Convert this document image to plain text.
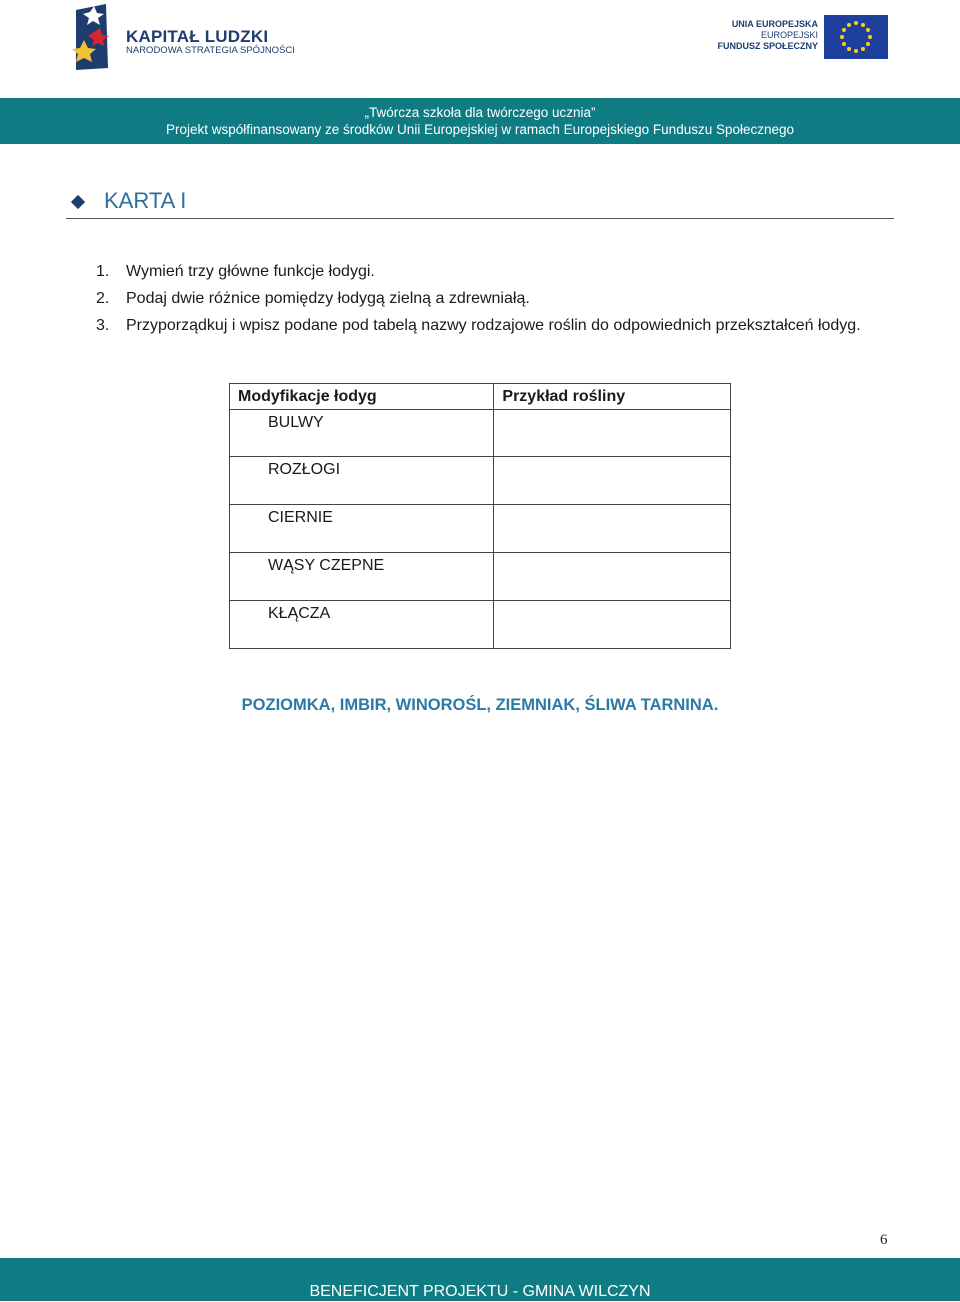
KAPITAŁ LUDZKI
NARODOWA STRATEGIA SPÓJNOŚCI
UNIA EUROPEJSKA
EUROPEJSKI
FUNDUSZ SPOŁECZNY
„Twórcza szkoła dla twórczego ucznia”
Projekt współfinansowany ze środków Unii Europejskiej w ramach Europejskiego Funduszu Społecznego
KARTA I
1. Wymień trzy główne funkcje łodygi.
2. Podaj dwie różnice pomiędzy łodygą zielną a zdrewniałą.
3. Przyporządkuj i wpisz podane pod tabelą nazwy rodzajowe roślin do odpowiednich przekształceń łodyg.
Modyfikacje łodyg	Przykład rośliny
BULWY	
ROZŁOGI	
CIERNIE	
WĄSY CZEPNE	
KŁĄCZA	
POZIOMKA, IMBIR, WINOROŚL, ZIEMNIAK, ŚLIWA TARNINA.
6
BENEFICJENT PROJEKTU - GMINA WILCZYN
